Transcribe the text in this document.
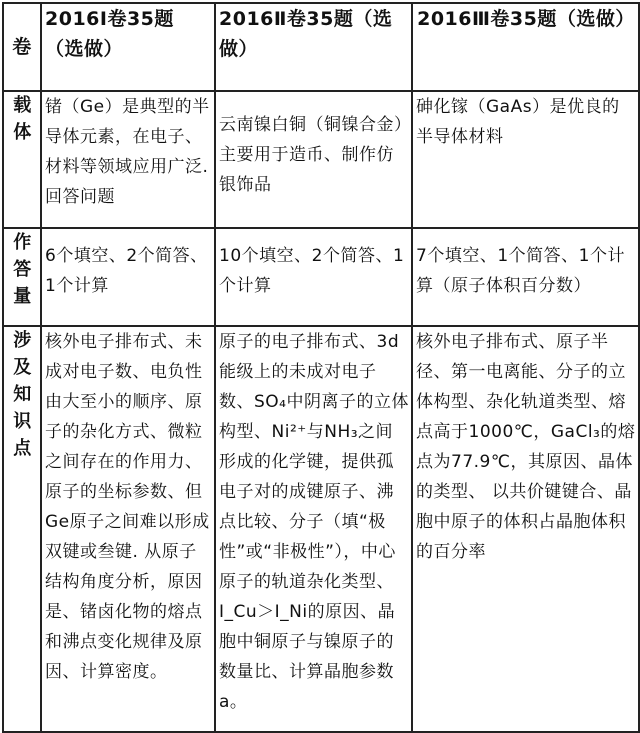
卷	2016Ⅰ卷35题（选做）	2016Ⅱ卷35题（选做）	2016Ⅲ卷35题（选做）

载体	锗（Ge）是典型的半导体元素，在电子、材料等领域应用广泛. 回答问题	云南镍白铜（铜镍合金）主要用于造币、制作仿银饰品	砷化镓（GaAs）是优良的半导体材料

作答量	6个填空、2个简答、1个计算	10个填空、2个简答、1个计算	7个填空、1个简答、1个计算（原子体积百分数）

涉及知识点	核外电子排布式、未成对电子数、电负性由大至小的顺序、原子的杂化方式、微粒之间存在的作用力、原子的坐标参数、但Ge原子之间难以形成双键或叁键. 从原子结构角度分析，原因是、锗卤化物的熔点和沸点变化规律及原因、计算密度。	原子的电子排布式、3d能级上的未成对电子数、SO₄中阴离子的立体构型、Ni²⁺与NH₃之间形成的化学键，提供孤电子对的成键原子、沸点比较、分子（填“极性”或“非极性”），中心原子的轨道杂化类型、I_Cu＞I_Ni的原因、晶胞中铜原子与镍原子的数量比、计算晶胞参数a。	核外电子排布式、原子半径、第一电离能、分子的立体构型、杂化轨道类型、熔点高于1000℃，GaCl₃的熔点为77.9℃，其原因、晶体的类型、 以共价键键合、晶胞中原子的体积占晶胞体积的百分率
